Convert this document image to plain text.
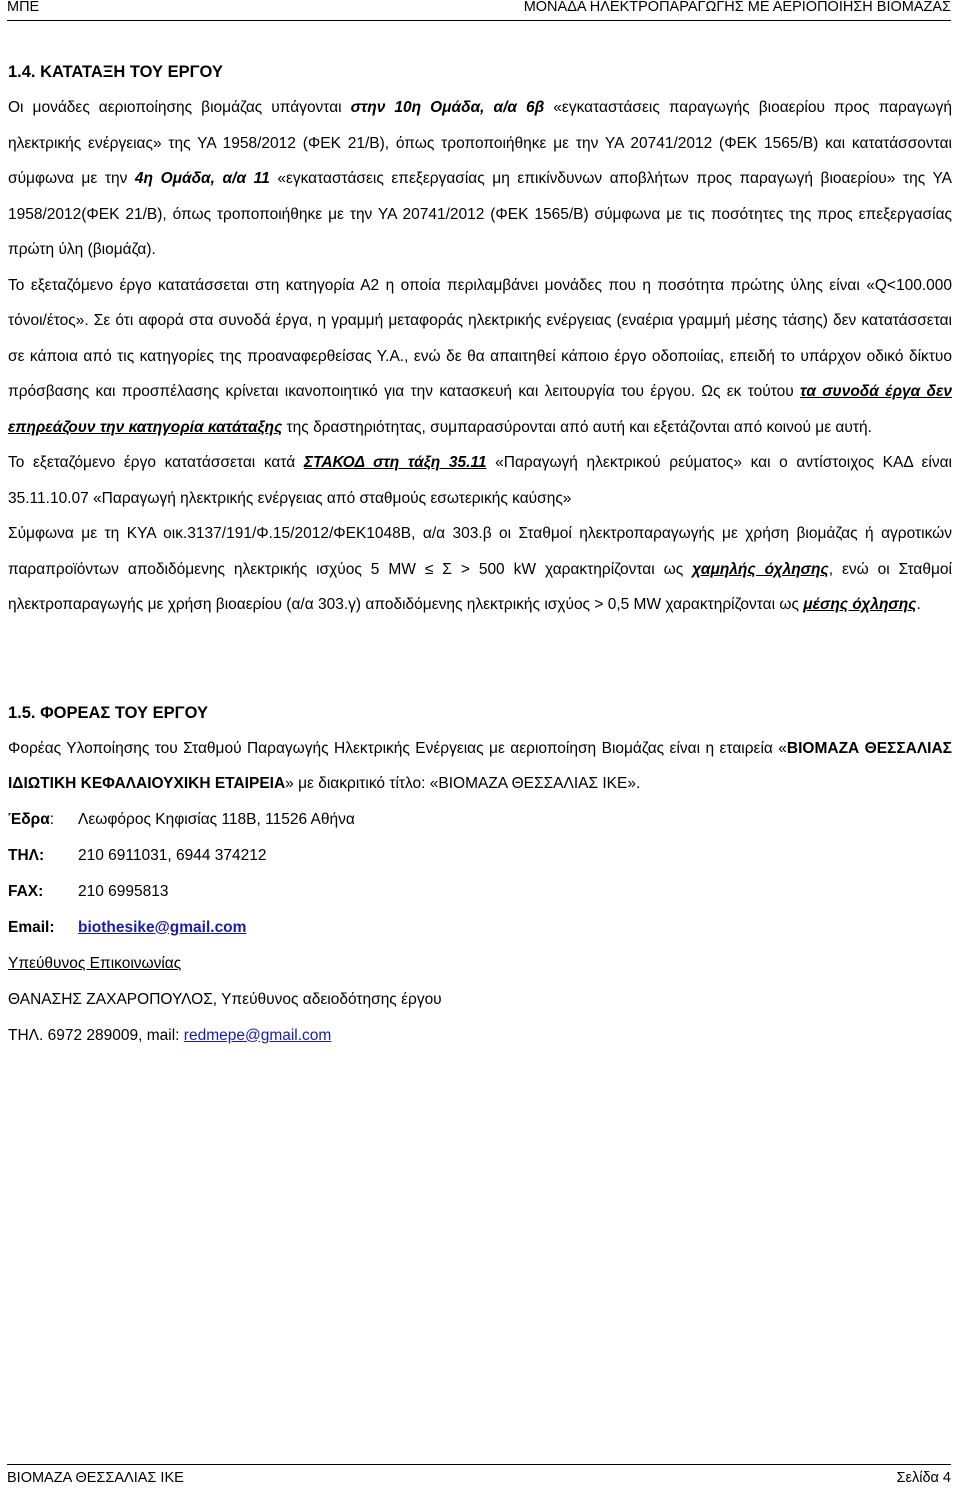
ΜΠΕ	ΜΟΝΑΔΑ ΗΛΕΚΤΡΟΠΑΡΑΓΩΓΗΣ ΜΕ ΑΕΡΙΟΠΟΙΗΣΗ ΒΙΟΜΑΖΑΣ
1.4. ΚΑΤΑΤΑΞΗ ΤΟΥ ΕΡΓΟΥ

Οι μονάδες αεριοποίησης βιομάζας υπάγονται στην 10η Ομάδα, α/α 6β «εγκαταστάσεις παραγωγής βιοαερίου προς παραγωγή ηλεκτρικής ενέργειας» της ΥΑ 1958/2012 (ΦΕΚ 21/Β), όπως τροποποιήθηκε με την ΥΑ 20741/2012 (ΦΕΚ 1565/Β) και κατατάσσονται σύμφωνα με την 4η Ομάδα, α/α 11 «εγκαταστάσεις επεξεργασίας μη επικίνδυνων αποβλήτων προς παραγωγή βιοαερίου» της ΥΑ 1958/2012(ΦΕΚ 21/Β), όπως τροποποιήθηκε με την ΥΑ 20741/2012 (ΦΕΚ 1565/Β) σύμφωνα με τις ποσότητες της προς επεξεργασίας πρώτη ύλη (βιομάζα).

Το εξεταζόμενο έργο κατατάσσεται στη κατηγορία Α2 η οποία περιλαμβάνει μονάδες που η ποσότητα πρώτης ύλης είναι «Q<100.000 τόνοι/έτος». Σε ότι αφορά στα συνοδά έργα, η γραμμή μεταφοράς ηλεκτρικής ενέργειας (εναέρια γραμμή μέσης τάσης) δεν κατατάσσεται σε κάποια από τις κατηγορίες της προαναφερθείσας Υ.Α., ενώ δε θα απαιτηθεί κάποιο έργο οδοποιίας, επειδή το υπάρχον οδικό δίκτυο πρόσβασης και προσπέλασης κρίνεται ικανοποιητικό για την κατασκευή και λειτουργία του έργου. Ως εκ τούτου τα συνοδά έργα δεν επηρεάζουν την κατηγορία κατάταξης της δραστηριότητας, συμπαρασύρονται από αυτή και εξετάζονται από κοινού με αυτή.

Το εξεταζόμενο έργο κατατάσσεται κατά ΣΤΑΚΟΔ στη τάξη 35.11 «Παραγωγή ηλεκτρικού ρεύματος» και ο αντίστοιχος ΚΑΔ είναι 35.11.10.07 «Παραγωγή ηλεκτρικής ενέργειας από σταθμούς εσωτερικής καύσης»

Σύμφωνα με τη ΚΥΑ οικ.3137/191/Φ.15/2012/ΦΕΚ1048Β, α/α 303.β οι Σταθμοί ηλεκτροπαραγωγής με χρήση βιομάζας ή αγροτικών παραπροϊόντων αποδιδόμενης ηλεκτρικής ισχύος 5 MW ≤ Σ > 500 kW χαρακτηρίζονται ως χαμηλής όχλησης, ενώ οι Σταθμοί ηλεκτροπαραγωγής με χρήση βιοαερίου (α/α 303.γ) αποδιδόμενης ηλεκτρικής ισχύος > 0,5 MW χαρακτηρίζονται ως μέσης όχλησης.

1.5. ΦΟΡΕΑΣ ΤΟΥ ΕΡΓΟΥ

Φορέας Υλοποίησης του Σταθμού Παραγωγής Ηλεκτρικής Ενέργειας με αεριοποίηση Βιομάζας είναι η εταιρεία «ΒΙΟΜΑΖΑ ΘΕΣΣΑΛΙΑΣ ΙΔΙΩΤΙΚΗ ΚΕΦΑΛΑΙΟΥΧΙΚΗ ΕΤΑΙΡΕΙΑ» με διακριτικό τίτλο: «ΒΙΟΜΑΖΑ ΘΕΣΣΑΛΙΑΣ ΙΚΕ».

Έδρα:	Λεωφόρος Κηφισίας 118Β, 11526 Αθήνα
ΤΗΛ:	210 6911031, 6944 374212
FAX:	210 6995813
Email:	biothesike@gmail.com
Υπεύθυνος Επικοινωνίας
ΘΑΝΑΣΗΣ ΖΑΧΑΡΟΠΟΥΛΟΣ, Υπεύθυνος αδειοδότησης έργου
ΤΗΛ. 6972 289009, mail: redmepe@gmail.com
ΒΙΟΜΑΖΑ ΘΕΣΣΑΛΙΑΣ ΙΚΕ	Σελίδα 4
